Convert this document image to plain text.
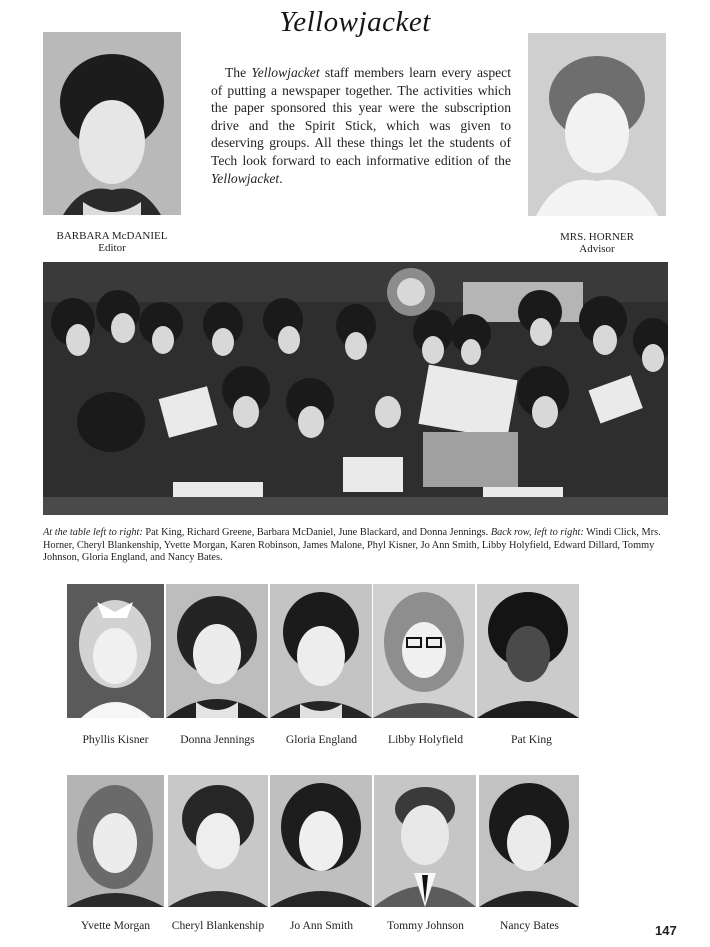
Yellowjacket
BARBARA McDANIEL
Editor
The Yellowjacket staff members learn every aspect of putting a newspaper together. The activities which the paper sponsored this year were the subscription drive and the Spirit Stick, which was given to deserving groups. All these things let the students of Tech look forward to each informative edition of the Yellowjacket.
MRS. HORNER
Advisor
At the table left to right: Pat King, Richard Greene, Barbara McDaniel, June Blackard, and Donna Jennings. Back row, left to right: Windi Click, Mrs. Horner, Cheryl Blankenship, Yvette Morgan, Karen Robinson, James Malone, Phyl Kisner, Jo Ann Smith, Libby Holyfield, Edward Dillard, Tommy Johnson, Gloria England, and Nancy Bates.
Phyllis Kisner	Donna Jennings	Gloria England	Libby Holyfield	Pat King
Yvette Morgan	Cheryl Blankenship	Jo Ann Smith	Tommy Johnson	Nancy Bates	147
